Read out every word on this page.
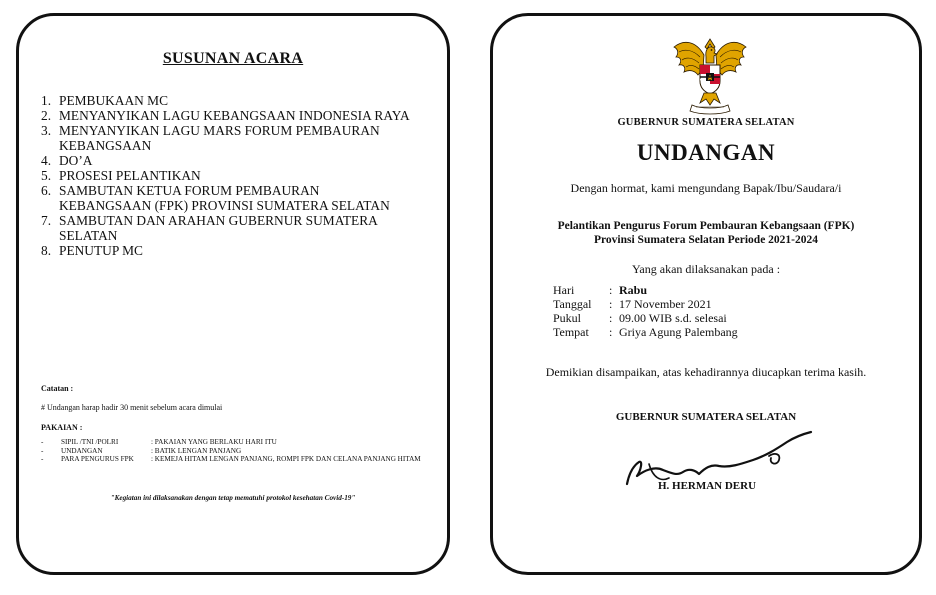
SUSUNAN ACARA
1. PEMBUKAAN MC
2. MENYANYIKAN LAGU KEBANGSAAN INDONESIA RAYA
3. MENYANYIKAN LAGU MARS FORUM PEMBAURAN KEBANGSAAN
4. DO’A
5. PROSESI PELANTIKAN
6. SAMBUTAN KETUA FORUM PEMBAURAN KEBANGSAAN (FPK) PROVINSI SUMATERA SELATAN
7. SAMBUTAN DAN ARAHAN GUBERNUR SUMATERA SELATAN
8. PENUTUP MC
Catatan :
# Undangan harap hadir 30 menit sebelum acara dimulai
PAKAIAN :
-	SIPIL /TNI /POLRI	: PAKAIAN YANG BERLAKU HARI ITU
-	UNDANGAN	: BATIK LENGAN PANJANG
-	PARA PENGURUS FPK	: KEMEJA HITAM LENGAN PANJANG, ROMPI FPK DAN CELANA PANJANG HITAM
"Kegiatan ini dilaksanakan dengan tetap mematuhi protokol kesehatan Covid-19"
GUBERNUR SUMATERA SELATAN
UNDANGAN
Dengan hormat, kami mengundang Bapak/Ibu/Saudara/i
Pelantikan Pengurus Forum Pembauran Kebangsaan (FPK)
Provinsi Sumatera Selatan Periode 2021-2024
Yang akan dilaksanakan pada :
Hari	: Rabu
Tanggal	: 17 November 2021
Pukul	: 09.00 WIB s.d. selesai
Tempat	: Griya Agung Palembang
Demikian disampaikan, atas kehadirannya diucapkan terima kasih.
GUBERNUR SUMATERA SELATAN
H. HERMAN DERU
